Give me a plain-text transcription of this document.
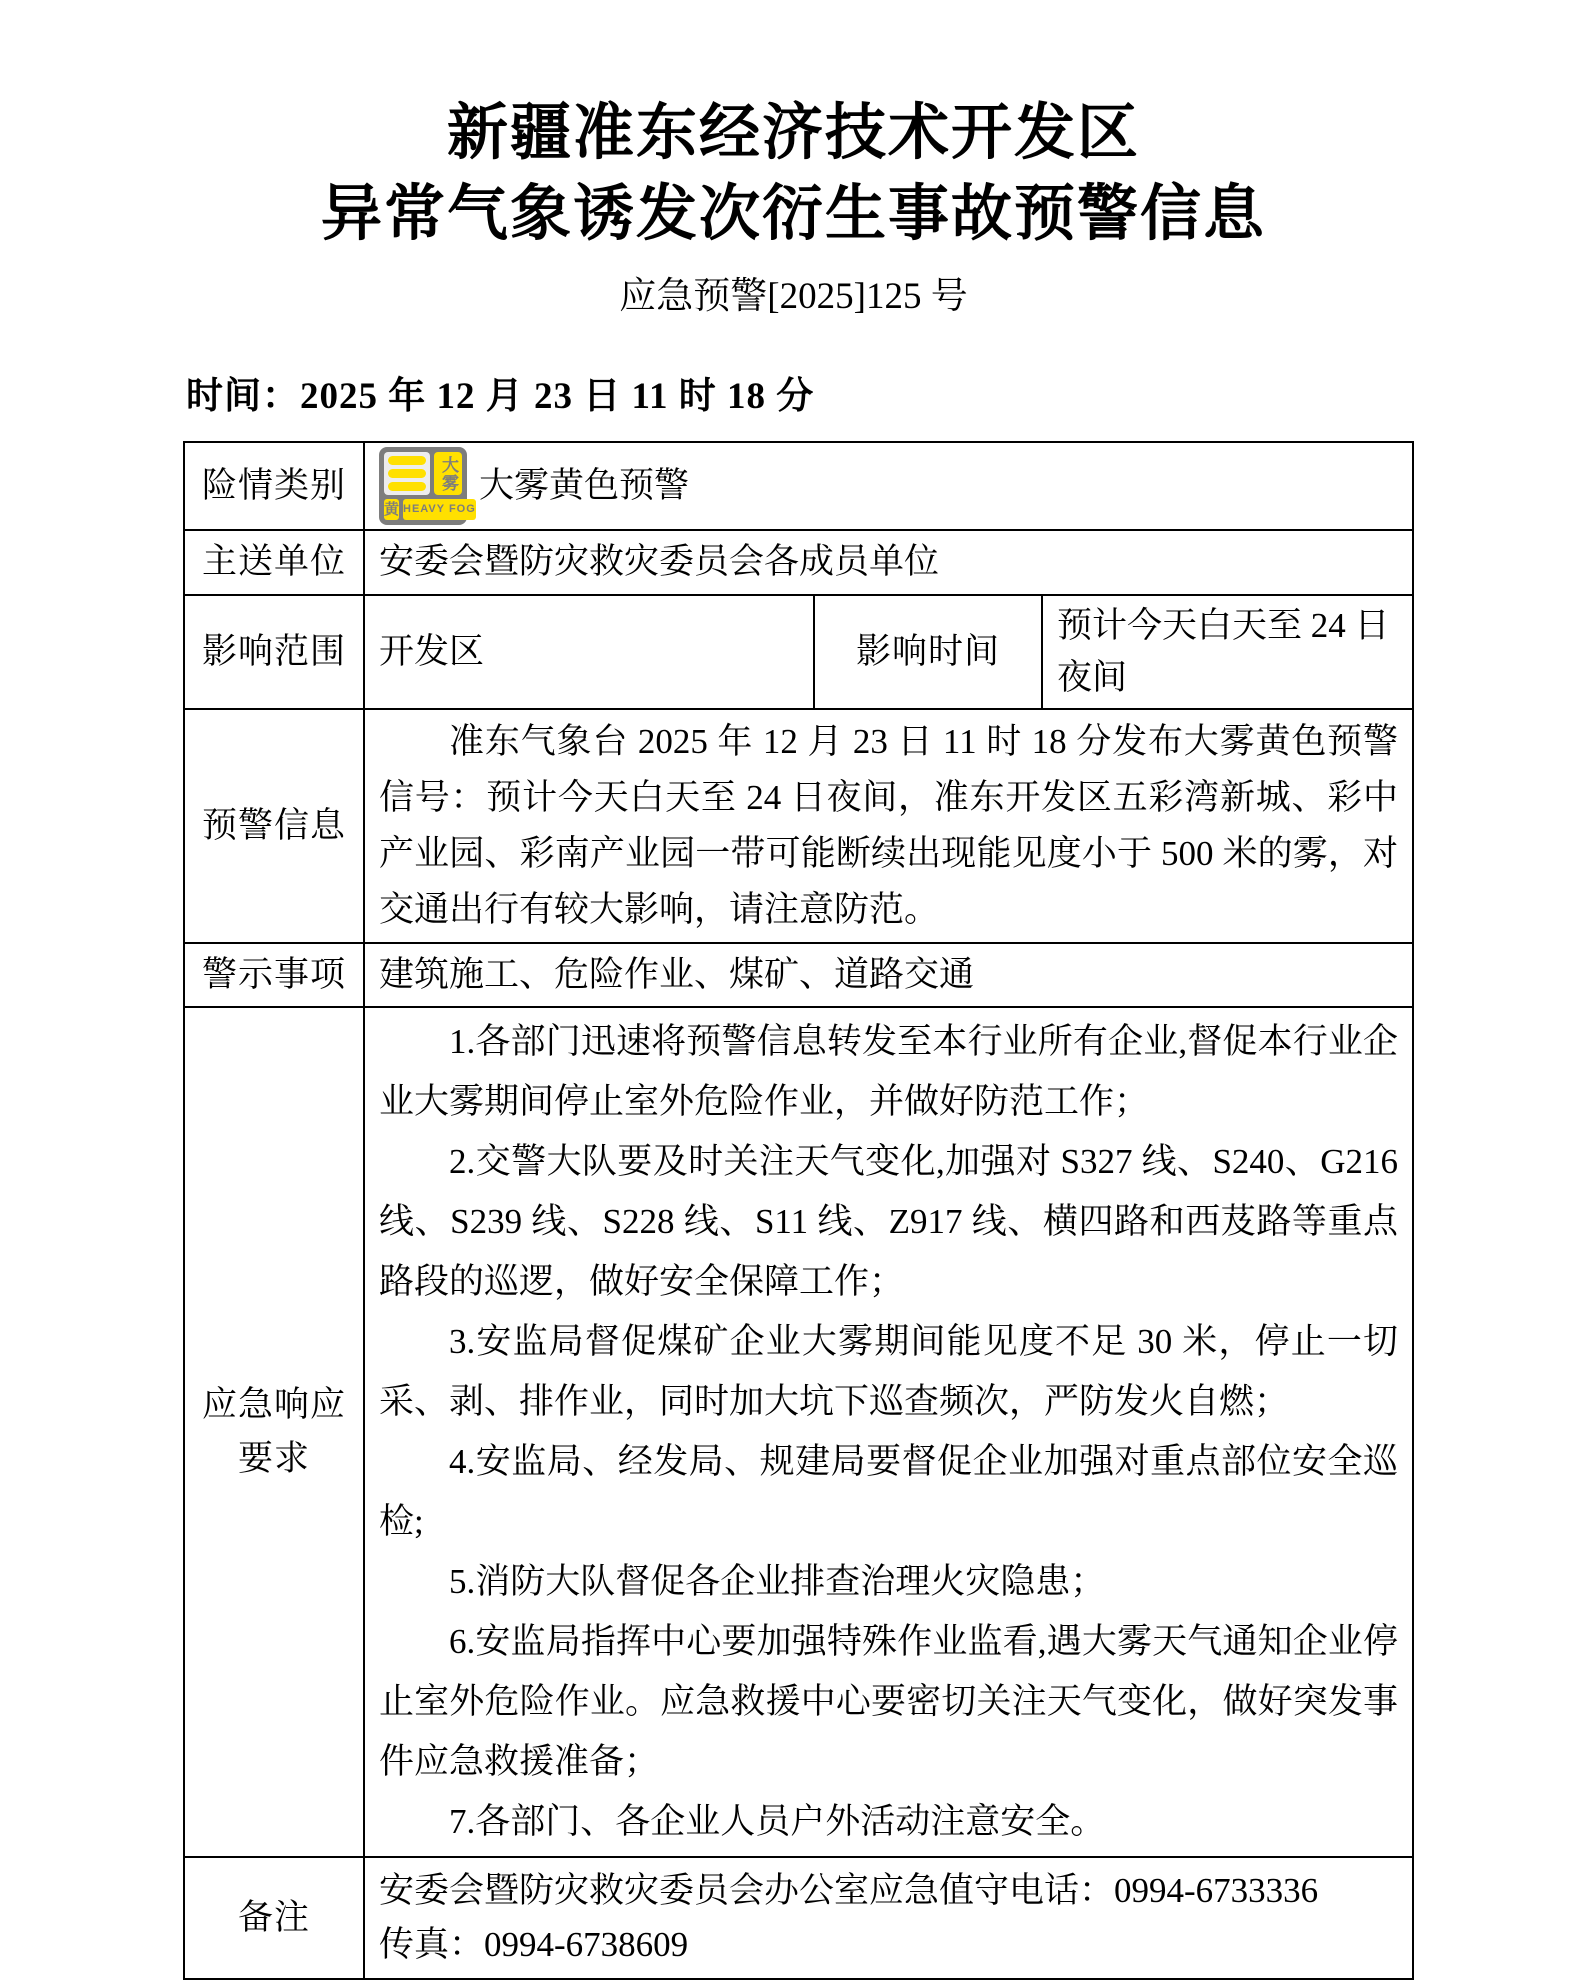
新疆准东经济技术开发区
异常气象诱发次衍生事故预警信息
应急预警[2025]125 号
时间：2025 年 12 月 23 日 11 时 18 分
险情类别	大雾
黄 HEAVY FOG
大雾黄色预警		

主送单位	安委会暨防灾救灾委员会各成员单位		
影响范围	开发区	影响时间	预计今天白天至 24 日夜间
预警信息	准东气象台 2025 年 12 月 23 日 11 时 18 分发布大雾黄色预警信号：预计今天白天至 24 日夜间，准东开发区五彩湾新城、彩中产业园、彩南产业园一带可能断续出现能见度小于 500 米的雾，对交通出行有较大影响，请注意防范。		

警示事项	建筑施工、危险作业、煤矿、道路交通		

应急响应
要求

1.各部门迅速将预警信息转发至本行业所有企业,督促本行业企业大雾期间停止室外危险作业，并做好防范工作；

2.交警大队要及时关注天气变化,加强对 S327 线、S240、G216 线、S239 线、S228 线、S11 线、Z917 线、横四路和西芨路等重点路段的巡逻，做好安全保障工作；

3.安监局督促煤矿企业大雾期间能见度不足 30 米，停止一切采、剥、排作业，同时加大坑下巡查频次，严防发火自燃；

4.安监局、经发局、规建局要督促企业加强对重点部位安全巡检;

5.消防大队督促各企业排查治理火灾隐患；

6.安监局指挥中心要加强特殊作业监看,遇大雾天气通知企业停止室外危险作业。应急救援中心要密切关注天气变化，做好突发事件应急救援准备；

7.各部门、各企业人员户外活动注意安全。

备注	安委会暨防灾救灾委员会办公室应急值守电话：0994-6733336

传真：0994-6738609		
